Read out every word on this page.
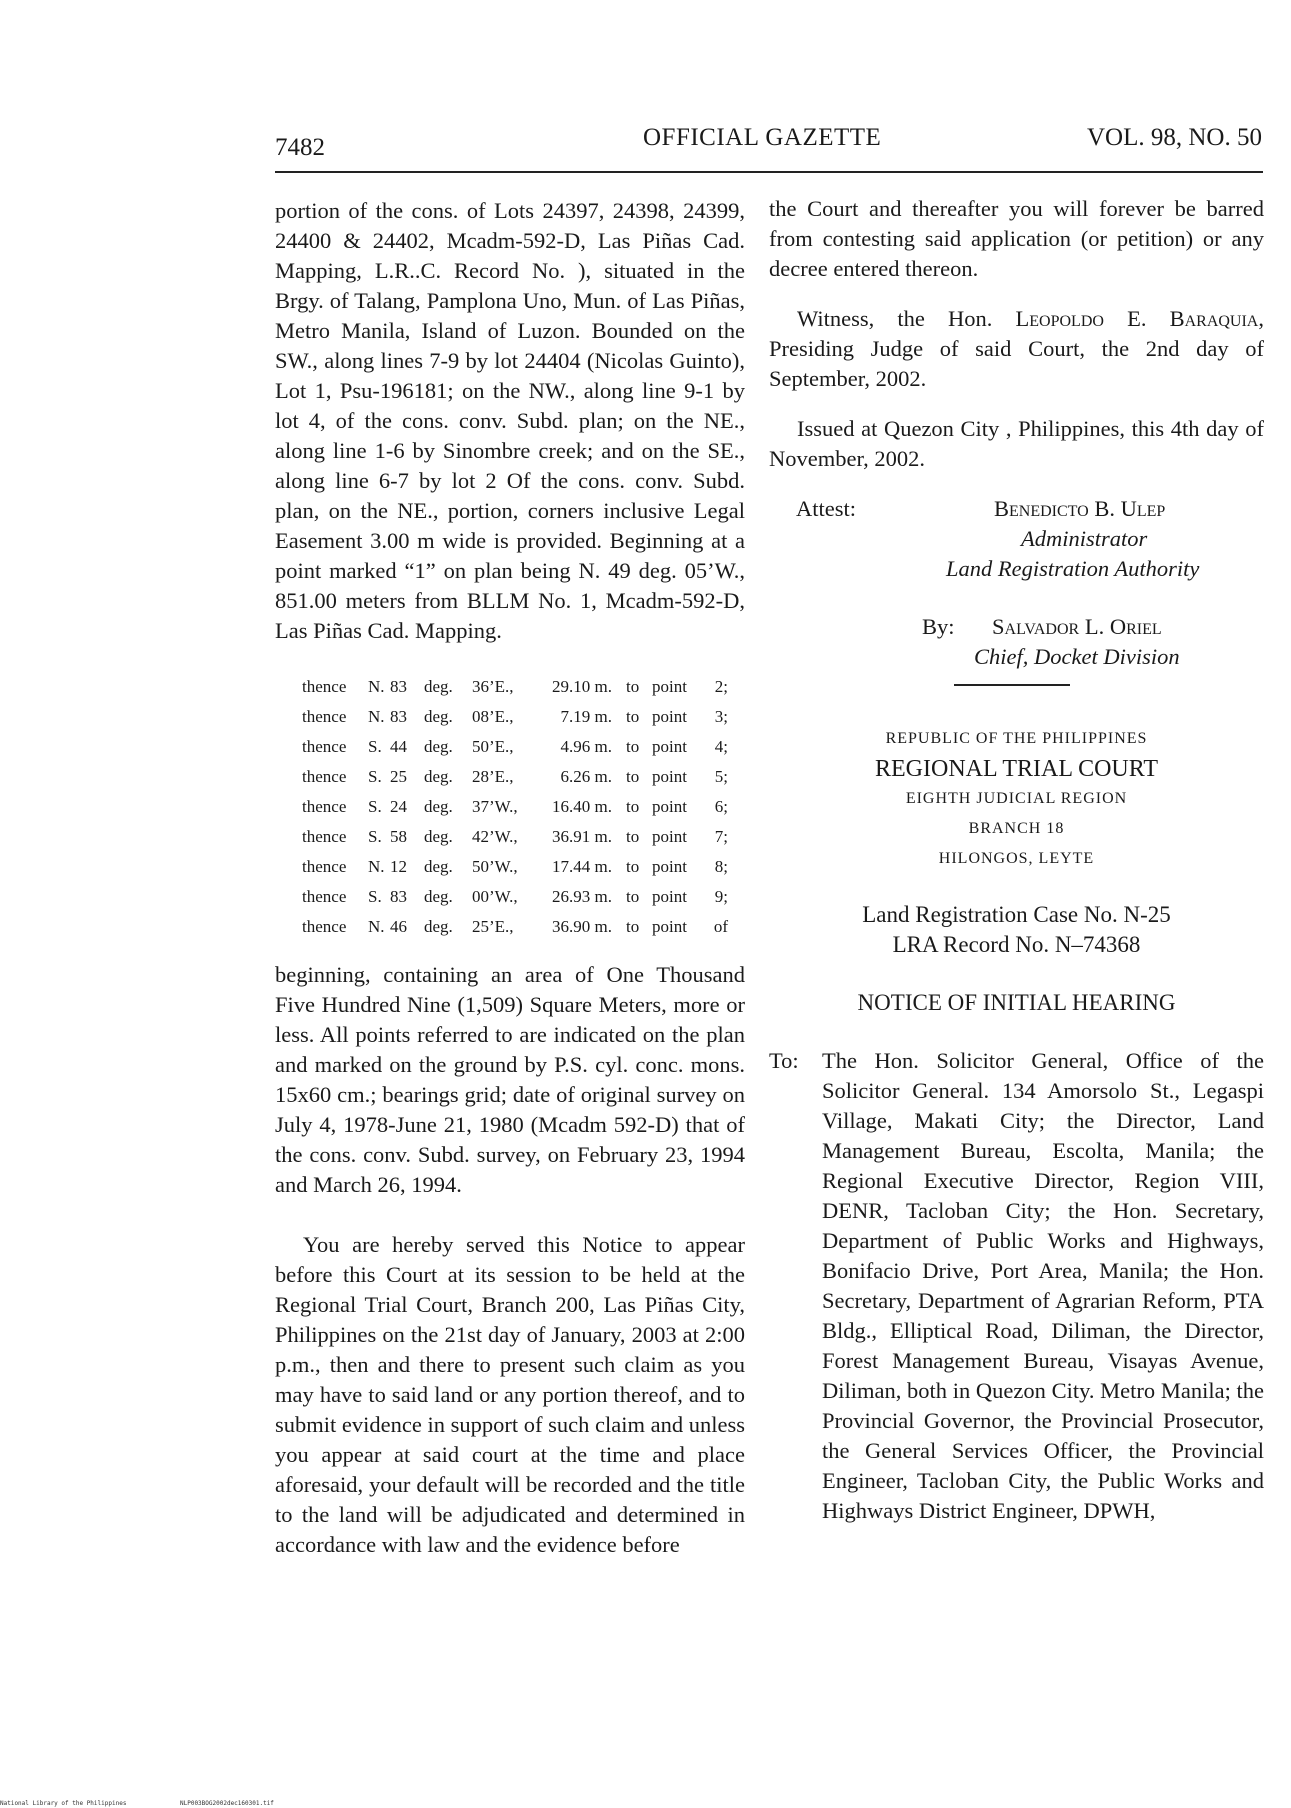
7482	OFFICIAL GAZETTE	VOL. 98, NO. 50

portion of the cons. of Lots 24397, 24398, 24399, 24400 & 24402, Mcadm-592-D, Las Piñas Cad. Mapping, L.R..C. Record No. ), situated in the Brgy. of Talang, Pamplona Uno, Mun. of Las Piñas, Metro Manila, Island of Luzon. Bounded on the SW., along lines 7-9 by lot 24404 (Nicolas Guinto), Lot 1, Psu-196181; on the NW., along line 9-1 by lot 4, of the cons. conv. Subd. plan; on the NE., along line 1-6 by Sinombre creek; and on the SE., along line 6-7 by lot 2 Of the cons. conv. Subd. plan, on the NE., portion, corners inclusive Legal Easement 3.00 m wide is provided. Beginning at a point marked “1” on plan being N. 49 deg. 05’W., 851.00 meters from BLLM No. 1, Mcadm-592-D, Las Piñas Cad. Mapping.

thence	N.	83	deg.	36’E.,	29.10 m.	to	point	2;
thence	N.	83	deg.	08’E.,	7.19 m.	to	point	3;
thence	S.	44	deg.	50’E.,	4.96 m.	to	point	4;
thence	S.	25	deg.	28’E.,	6.26 m.	to	point	5;
thence	S.	24	deg.	37’W.,	16.40 m.	to	point	6;
thence	S.	58	deg.	42’W.,	36.91 m.	to	point	7;
thence	N.	12	deg.	50’W.,	17.44 m.	to	point	8;
thence	S.	83	deg.	00’W.,	26.93 m.	to	point	9;
thence	N.	46	deg.	25’E.,	36.90 m.	to	point	of

beginning, containing an area of One Thousand Five Hundred Nine (1,509) Square Meters, more or less. All points referred to are indicated on the plan and marked on the ground by P.S. cyl. conc. mons. 15x60 cm.; bearings grid; date of original survey on July 4, 1978-June 21, 1980 (Mcadm 592-D) that of the cons. conv. Subd. survey, on February 23, 1994 and March 26, 1994.

You are hereby served this Notice to appear before this Court at its session to be held at the Regional Trial Court, Branch 200, Las Piñas City, Philippines on the 21st day of January, 2003 at 2:00 p.m., then and there to present such claim as you may have to said land or any portion thereof, and to submit evidence in support of such claim and unless you appear at said court at the time and place aforesaid, your default will be recorded and the title to the land will be adjudicated and determined in accordance with law and the evidence before

the Court and thereafter you will forever be barred from contesting said application (or petition) or any decree entered thereon.

Witness, the Hon. Leopoldo E. Baraquia, Presiding Judge of said Court, the 2nd day of September, 2002.

Issued at Quezon City , Philippines, this 4th day of November, 2002.

Attest:	Benedicto B. Ulep
Administrator
Land Registration Authority
By: Salvador L. Oriel
Chief, Docket Division
REPUBLIC OF THE PHILIPPINES
REGIONAL TRIAL COURT
EIGHTH JUDICIAL REGION
BRANCH 18
HILONGOS, LEYTE
Land Registration Case No. N-25
LRA Record No. N–74368
NOTICE OF INITIAL HEARING
To: The Hon. Solicitor General, Office of the Solicitor General. 134 Amorsolo St., Legaspi Village, Makati City; the Director, Land Management Bureau, Escolta, Manila; the Regional Executive Director, Region VIII, DENR, Tacloban City; the Hon. Secretary, Department of Public Works and Highways, Bonifacio Drive, Port Area, Manila; the Hon. Secretary, Department of Agrarian Reform, PTA Bldg., Elliptical Road, Diliman, the Director, Forest Management Bureau, Visayas Avenue, Diliman, both in Quezon City. Metro Manila; the Provincial Governor, the Provincial Prosecutor, the General Services Officer, the Provincial Engineer, Tacloban City, the Public Works and Highways District Engineer, DPWH,
National Library of the Philippines	NLP003BOG2002dec160301.tif
